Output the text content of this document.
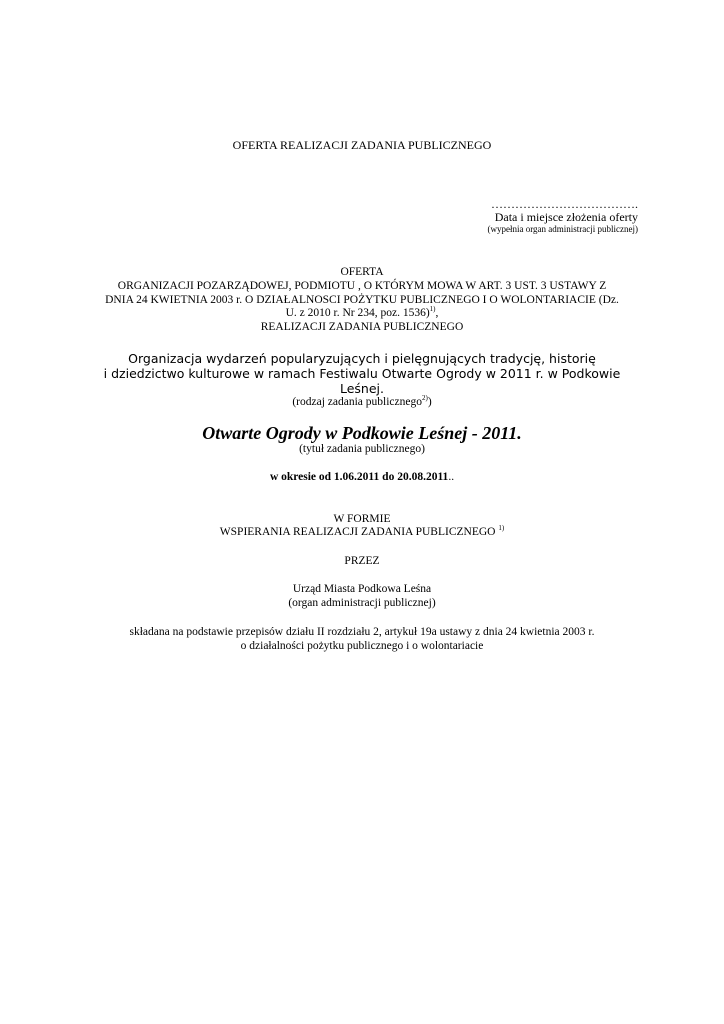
OFERTA REALIZACJI ZADANIA PUBLICZNEGO
……………………………….
Data i miejsce złożenia oferty
(wypełnia organ administracji publicznej)
OFERTA
ORGANIZACJI POZARZĄDOWEJ, PODMIOTU , O KTÓRYM MOWA W ART. 3 UST. 3 USTAWY Z
DNIA 24 KWIETNIA 2003 r. O DZIAŁALNOSCI POŻYTKU PUBLICZNEGO I O WOLONTARIACIE (Dz.
U. z 2010 r. Nr 234, poz. 1536)$^{1)}$,
REALIZACJI ZADANIA PUBLICZNEGO
Organizacja wydarzeń popularyzujących i pielęgnujących tradycję, historię
i dziedzictwo kulturowe w ramach Festiwalu Otwarte Ogrody w 2011 r. w Podkowie
Leśnej.
(rodzaj zadania publicznego$^{2)}$)
Otwarte Ogrody w Podkowie Leśnej - 2011.
(tytuł zadania publicznego)
w okresie od 1.06.2011 do 20.08.2011..
W FORMIE
WSPIERANIA REALIZACJI ZADANIA PUBLICZNEGO $^{1)}$
PRZEZ
Urząd Miasta Podkowa Leśna
(organ administracji publicznej)
składana na podstawie przepisów działu II rozdziału 2, artykuł 19a ustawy z dnia 24 kwietnia 2003 r.
o działalności pożytku publicznego i o wolontariacie
